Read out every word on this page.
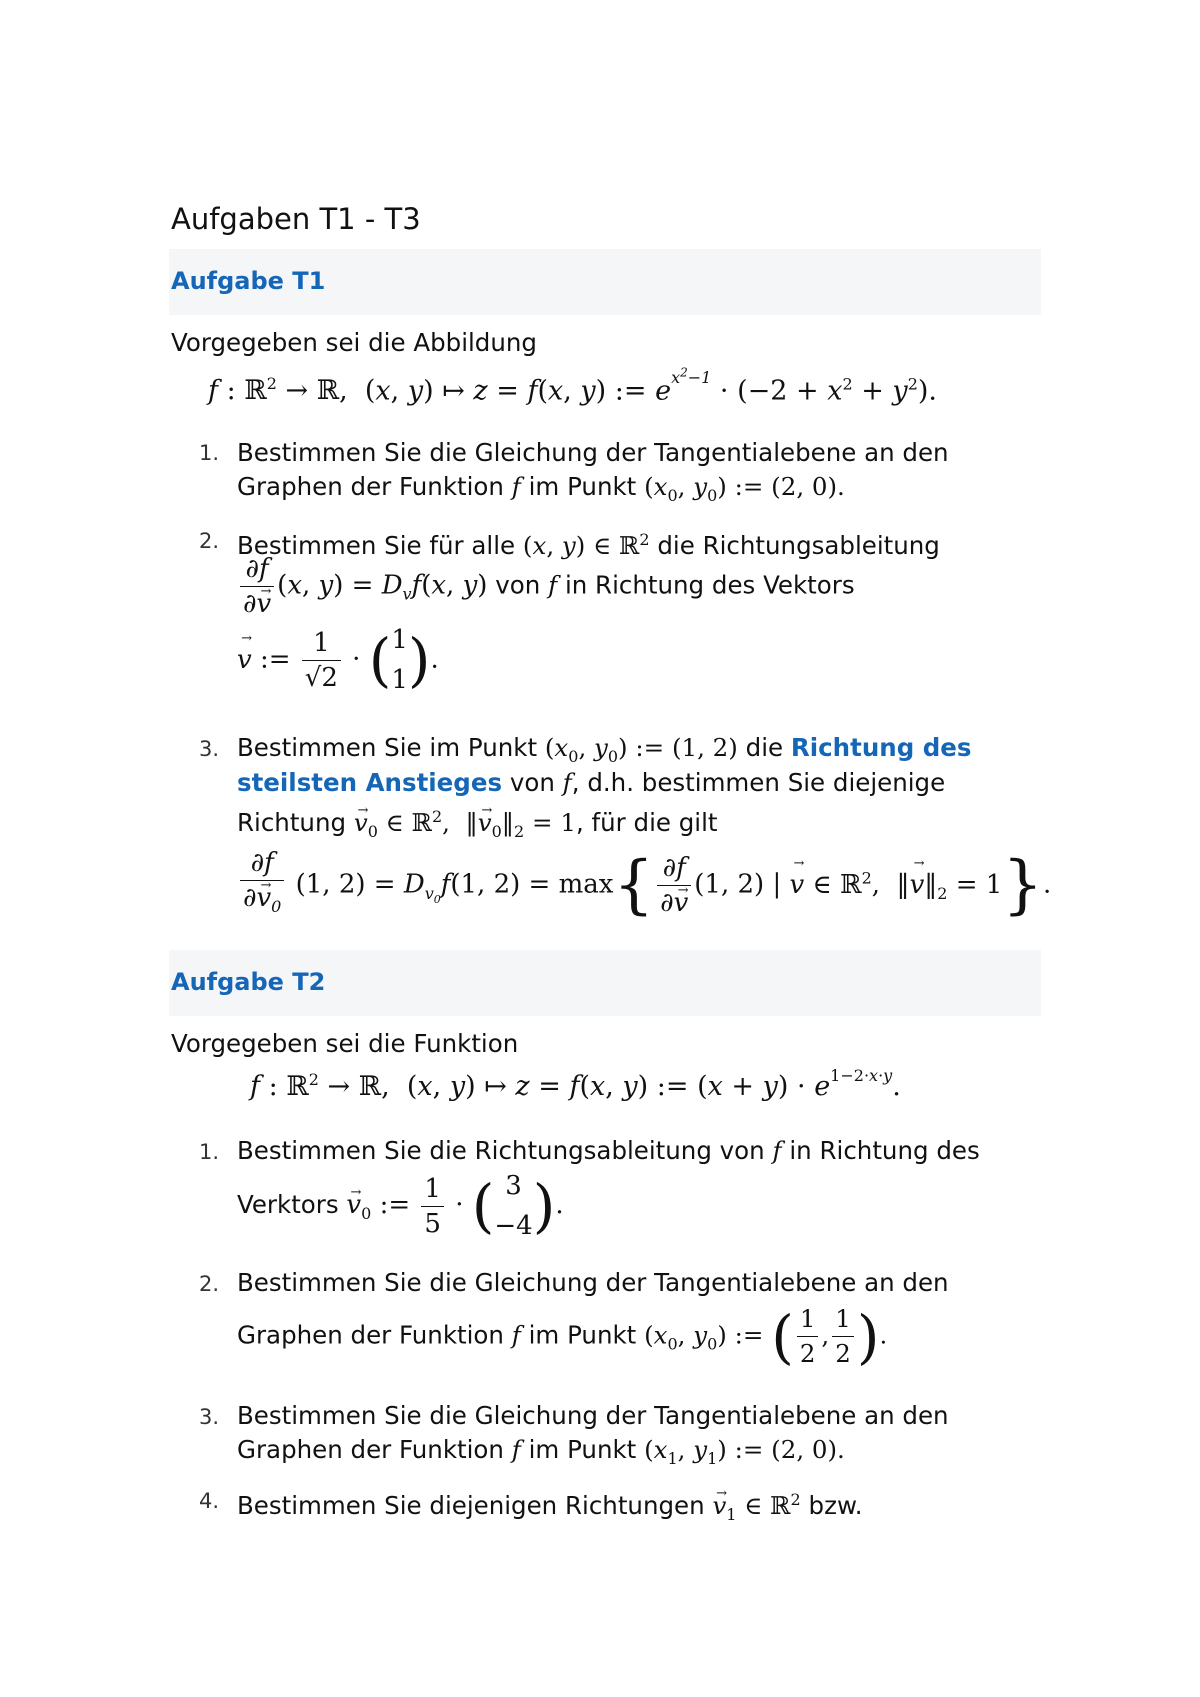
Aufgaben T1 - T3
Aufgabe T1
Vorgegeben sei die Abbildung
f : ℝ$^2$ → ℝ,  (x, y) ↦ z = f(x, y) := $e^{x^2-1} \cdot (-2 + x^2 + y^2)$.
1. Bestimmen Sie die Gleichung der Tangentialebene an den
Graphen der Funktion f im Punkt ($x_0$, $y_0$) := (2, 0).
2. Bestimmen Sie für alle (x, y) ∈ ℝ$^2$ die Richtungsableitung
$\frac{\partial f}{\partial\to v} (x$, $y) = D_vf(x$, y) von f in Richtung des Vektors
→ v := $\frac{1}{√2}$ · ( 1
1 ).
3. Bestimmen Sie im Punkt ($x_0$, $y_0$) := (1, 2) die Richtung des
steilsten Anstieges von f, d.h. bestimmen Sie diejenige
Richtung → $v_0$ ∈ ℝ$^2$,  ‖→ $v_0‖_2 = 1$, für die gilt
$\frac{\partial f}{\partial\to v_0} (1$, $2) = D_{v_0}f(1$, $2) = \max\{ \frac{\partial f}{\partial\to v} (1$, 2) | → v ∈ ℝ$^2$,  ‖→ $v‖_2 = 1$}.
Aufgabe T2
Vorgegeben sei die Funktion
f : ℝ$^2$ → ℝ,  (x, y) ↦ z = f(x, y) := $(x + y) \cdot e^{1-2\cdot x\cdot y}$.
1. Bestimmen Sie die Richtungsableitung von f in Richtung des
Verktors → $v_0$ := $\frac{1}{5}$ · ( 3
−4 ).
2. Bestimmen Sie die Gleichung der Tangentialebene an den
Graphen der Funktion f im Punkt ($x_0$, $y_0$) := ( $\frac{1}{2}$ , $\frac{1}{2}$ ).
3. Bestimmen Sie die Gleichung der Tangentialebene an den
Graphen der Funktion f im Punkt ($x_1$, $y_1$) := (2, 0).
4. Bestimmen Sie diejenigen Richtungen → $v_1$ ∈ ℝ$^2$ bzw.
